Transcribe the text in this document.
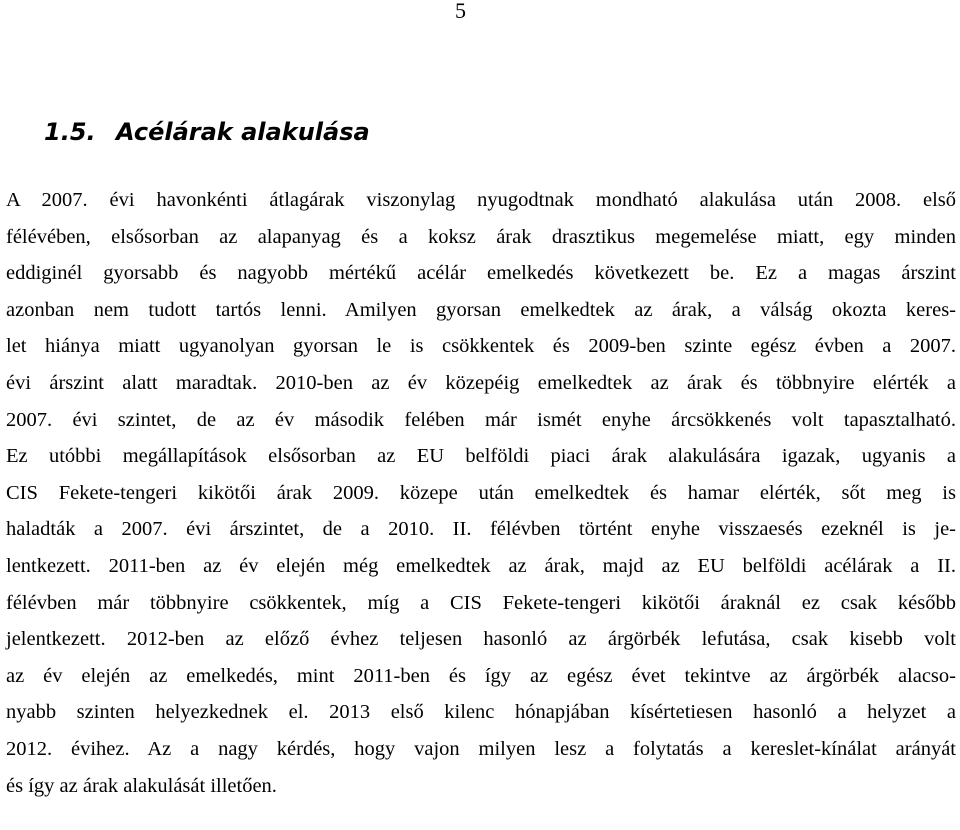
5
1.5. Acélárak alakulása
A 2007. évi havonkénti átlagárak viszonylag nyugodtnak mondható alakulása után 2008. első
félévében, elsősorban az alapanyag és a koksz árak drasztikus megemelése miatt, egy minden
eddiginél gyorsabb és nagyobb mértékű acélár emelkedés következett be. Ez a magas árszint
azonban nem tudott tartós lenni. Amilyen gyorsan emelkedtek az árak, a válság okozta keres-
let hiánya miatt ugyanolyan gyorsan le is csökkentek és 2009-ben szinte egész évben a 2007.
évi árszint alatt maradtak. 2010-ben az év közepéig emelkedtek az árak és többnyire elérték a
2007. évi szintet, de az év második felében már ismét enyhe árcsökkenés volt tapasztalható.
Ez utóbbi megállapítások elsősorban az EU belföldi piaci árak alakulására igazak, ugyanis a
CIS Fekete-tengeri kikötői árak 2009. közepe után emelkedtek és hamar elérték, sőt meg is
haladták a 2007. évi árszintet, de a 2010. II. félévben történt enyhe visszaesés ezeknél is je-
lentkezett. 2011-ben az év elején még emelkedtek az árak, majd az EU belföldi acélárak a II.
félévben már többnyire csökkentek, míg a CIS Fekete-tengeri kikötői áraknál ez csak később
jelentkezett. 2012-ben az előző évhez teljesen hasonló az árgörbék lefutása, csak kisebb volt
az év elején az emelkedés, mint 2011-ben és így az egész évet tekintve az árgörbék alacso-
nyabb szinten helyezkednek el. 2013 első kilenc hónapjában kísértetiesen hasonló a helyzet a
2012. évihez. Az a nagy kérdés, hogy vajon milyen lesz a folytatás a kereslet-kínálat arányát
és így az árak alakulását illetően.
